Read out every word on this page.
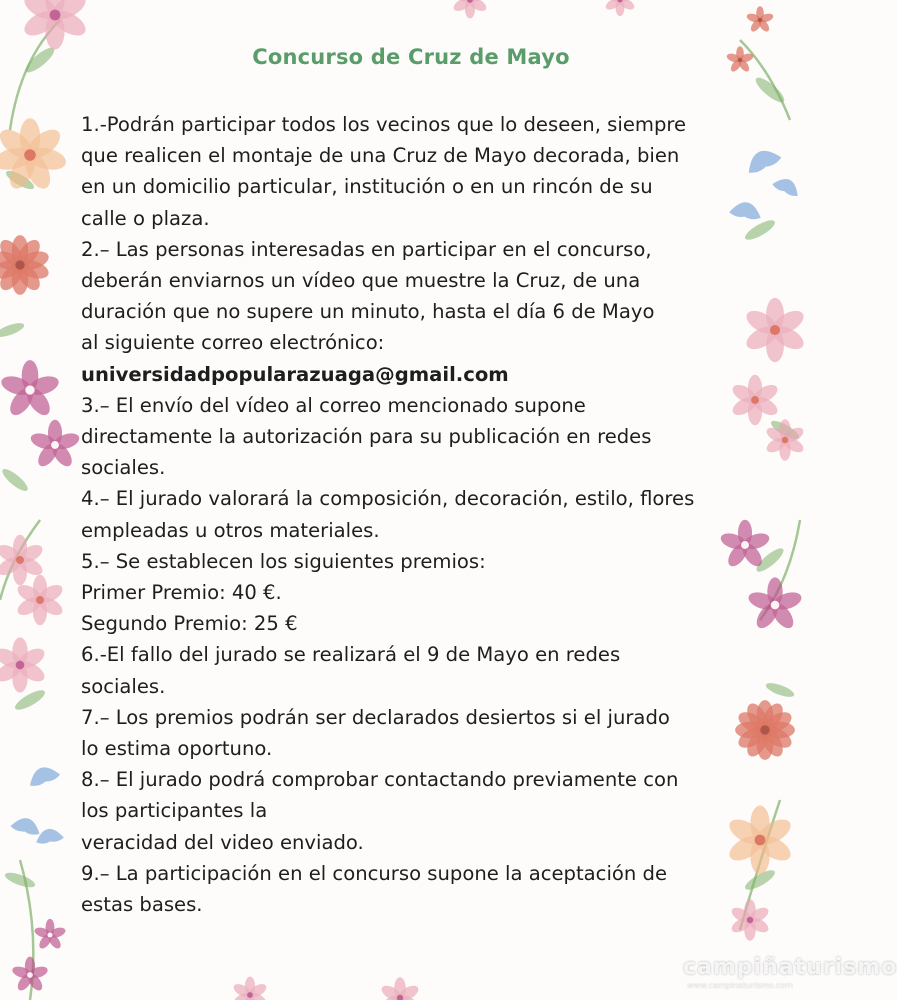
Concurso de Cruz de Mayo
1.-Podrán participar todos los vecinos que lo deseen, siempre
que realicen el montaje de una Cruz de Mayo decorada, bien
en un domicilio particular, institución o en un rincón de su
calle o plaza.
2.– Las personas interesadas en participar en el concurso,
deberán enviarnos un vídeo que muestre la Cruz, de una
duración que no supere un minuto, hasta el día 6 de Mayo
al siguiente correo electrónico:
universidadpopularazuaga@gmail.com
3.– El envío del vídeo al correo mencionado supone
directamente la autorización para su publicación en redes
sociales.
4.– El jurado valorará la composición, decoración, estilo, flores
empleadas u otros materiales.
5.– Se establecen los siguientes premios:
Primer Premio: 40 €.
Segundo Premio: 25 €
6.-El fallo del jurado se realizará el 9 de Mayo en redes
sociales.
7.– Los premios podrán ser declarados desiertos si el jurado
lo estima oportuno.
8.– El jurado podrá comprobar contactando previamente con
los participantes la
veracidad del video enviado.
9.– La participación en el concurso supone la aceptación de
estas bases.
campiñaturismo
www.campinaturismo.com
